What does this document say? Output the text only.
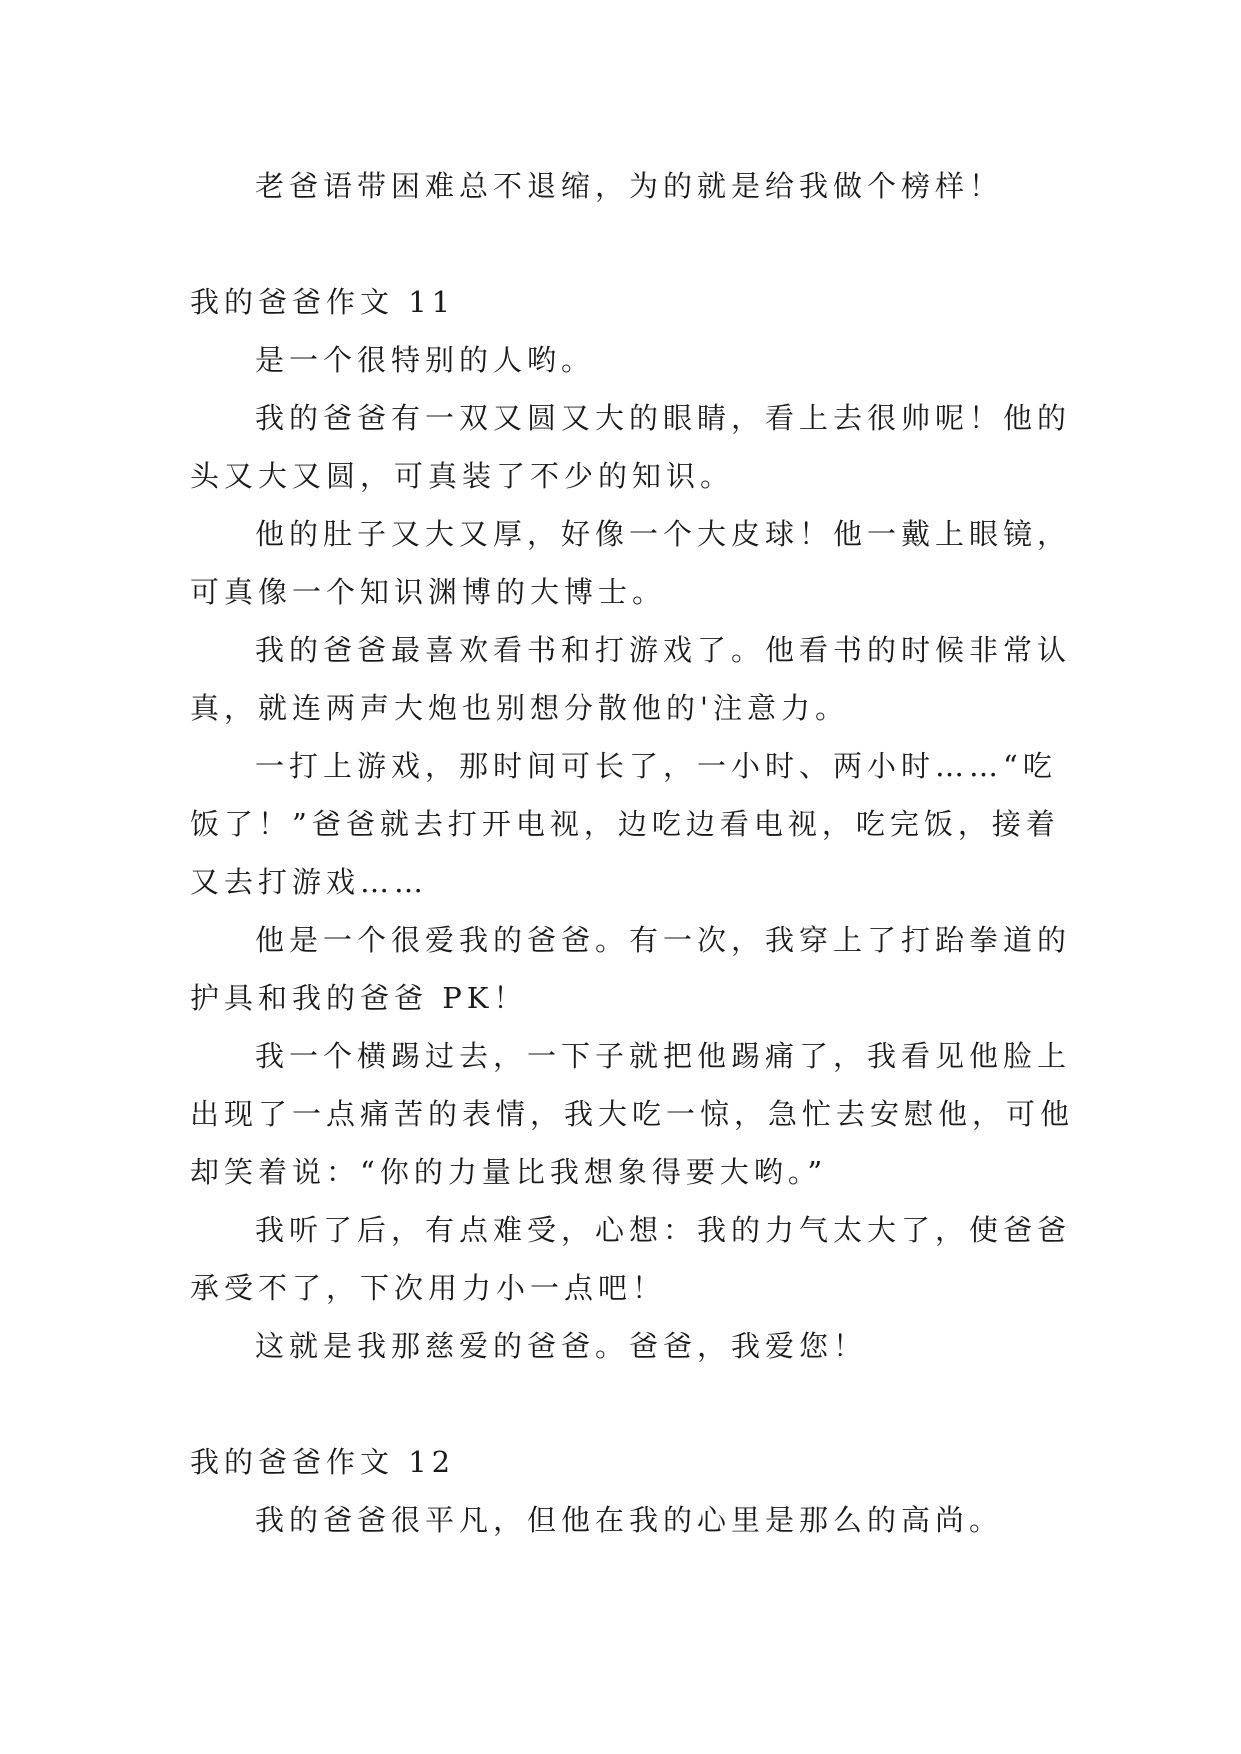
老爸语带困难总不退缩，为的就是给我做个榜样！
我的爸爸作文 11
是一个很特别的人哟。
我的爸爸有一双又圆又大的眼睛，看上去很帅呢！他的
头又大又圆，可真装了不少的知识。
他的肚子又大又厚，好像一个大皮球！他一戴上眼镜，
可真像一个知识渊博的大博士。
我的爸爸最喜欢看书和打游戏了。他看书的时候非常认
真，就连两声大炮也别想分散他的'注意力。
一打上游戏，那时间可长了，一小时、两小时……“吃
饭了！”爸爸就去打开电视，边吃边看电视，吃完饭，接着
又去打游戏……
他是一个很爱我的爸爸。有一次，我穿上了打跆拳道的
护具和我的爸爸 PK！
我一个横踢过去，一下子就把他踢痛了，我看见他脸上
出现了一点痛苦的表情，我大吃一惊，急忙去安慰他，可他
却笑着说：“你的力量比我想象得要大哟。”
我听了后，有点难受，心想：我的力气太大了，使爸爸
承受不了，下次用力小一点吧！
这就是我那慈爱的爸爸。爸爸，我爱您！
我的爸爸作文 12
我的爸爸很平凡，但他在我的心里是那么的高尚。
